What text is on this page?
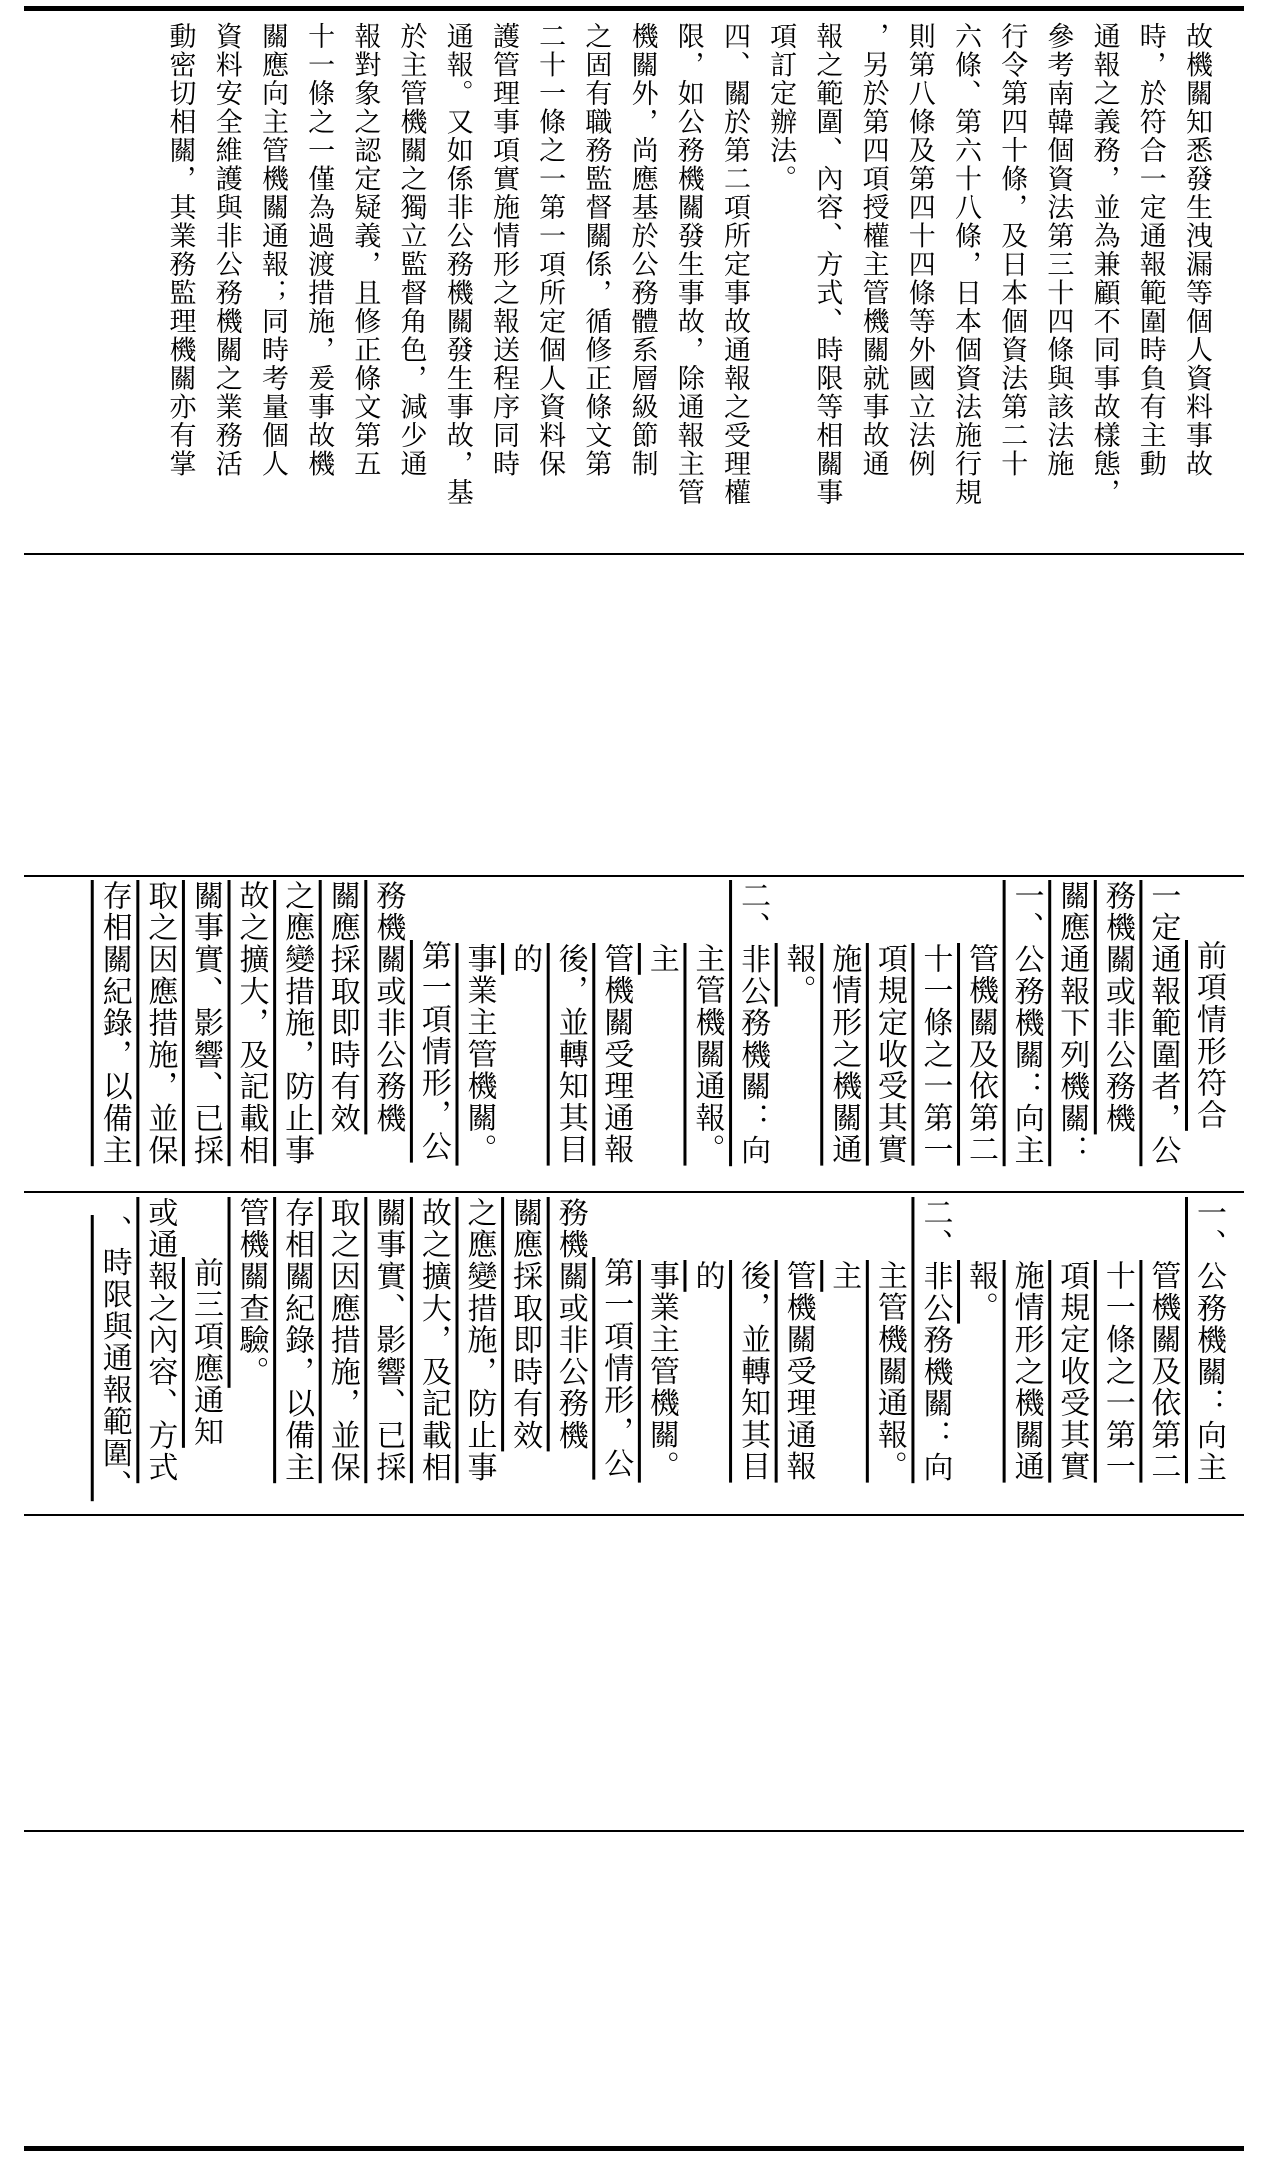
故機關知悉發生洩漏等個人資料事故

時，於符合一定通報範圍時負有主動

通報之義務，並為兼顧不同事故樣態，

參考南韓個資法第三十四條與該法施

行令第四十條，及日本個資法第二十

六條、第六十八條，日本個資法施行規

則第八條及第四十四條等外國立法例

，另於第四項授權主管機關就事故通

報之範圍、內容、方式、時限等相關事

項訂定辦法。

四、關於第二項所定事故通報之受理權

限，如公務機關發生事故，除通報主管

機關外，尚應基於公務體系層級節制

之固有職務監督關係，循修正條文第

二十一條之一第一項所定個人資料保

護管理事項實施情形之報送程序同時

通報。又如係非公務機關發生事故，基

於主管機關之獨立監督角色，減少通

報對象之認定疑義，且修正條文第五

十一條之一僅為過渡措施，爰事故機

關應向主管機關通報；同時考量個人

資料安全維護與非公務機關之業務活

動密切相關，其業務監理機關亦有掌

前項情形符合

一定通報範圍者，公

務機關或非公務機

關應通報下列機關：

一、公務機關：向主

管機關及依第二

十一條之一第一

項規定收受其實

施情形之機關通

報。

二、非公務機關：向

主管機關通報。主

管機關受理通報

後，並轉知其目的

事業主管機關。

第一項情形，公

務機關或非公務機

關應採取即時有效

之應變措施，防止事

故之擴大，及記載相

關事實、影響、已採

取之因應措施，並保

存相關紀錄，以備主

一、公務機關：向主

管機關及依第二

十一條之一第一

項規定收受其實

施情形之機關通

報。

二、非公務機關：向

主管機關通報。主

管機關受理通報

後，並轉知其目的

事業主管機關。

第一項情形，公

務機關或非公務機

關應採取即時有效

之應變措施，防止事

故之擴大，及記載相

關事實、影響、已採

取之因應措施，並保

存相關紀錄，以備主

管機關查驗。

前三項應通知

或通報之內容、方式

、時限與通報範圍、
